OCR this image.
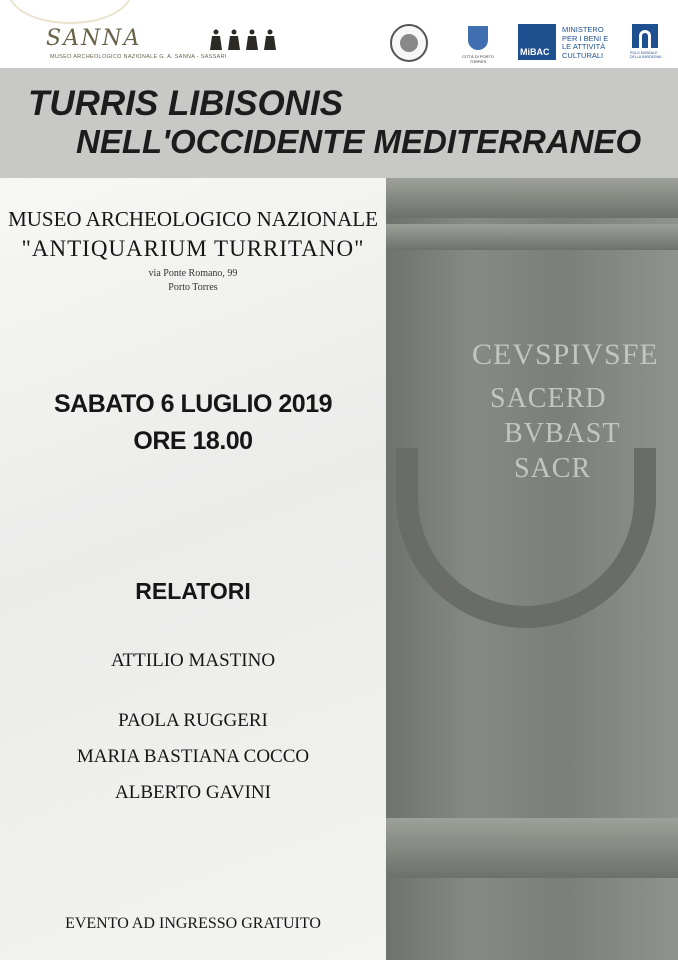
SANNA
MUSEO ARCHEOLOGICO NAZIONALE G. A. SANNA - SASSARI	CITTÀ DI PORTO TORRES
MiBAC
MINISTERO
PER I BENI E
LE ATTIVITÀ
CULTURALI	POLO MUSEALE DELLA SARDEGNA
TURRIS LIBISONIS
NELL'OCCIDENTE MEDITERRANEO
CEVSPIVSFE
SACERD
BVBAST
SACR
MUSEO ARCHEOLOGICO NAZIONALE
"ANTIQUARIUM TURRITANO"
via Ponte Romano, 99
Porto Torres
SABATO 6 LUGLIO 2019
ORE 18.00
RELATORI
ATTILIO MASTINO
PAOLA RUGGERI
MARIA BASTIANA COCCO
ALBERTO GAVINI
EVENTO AD INGRESSO GRATUITO
